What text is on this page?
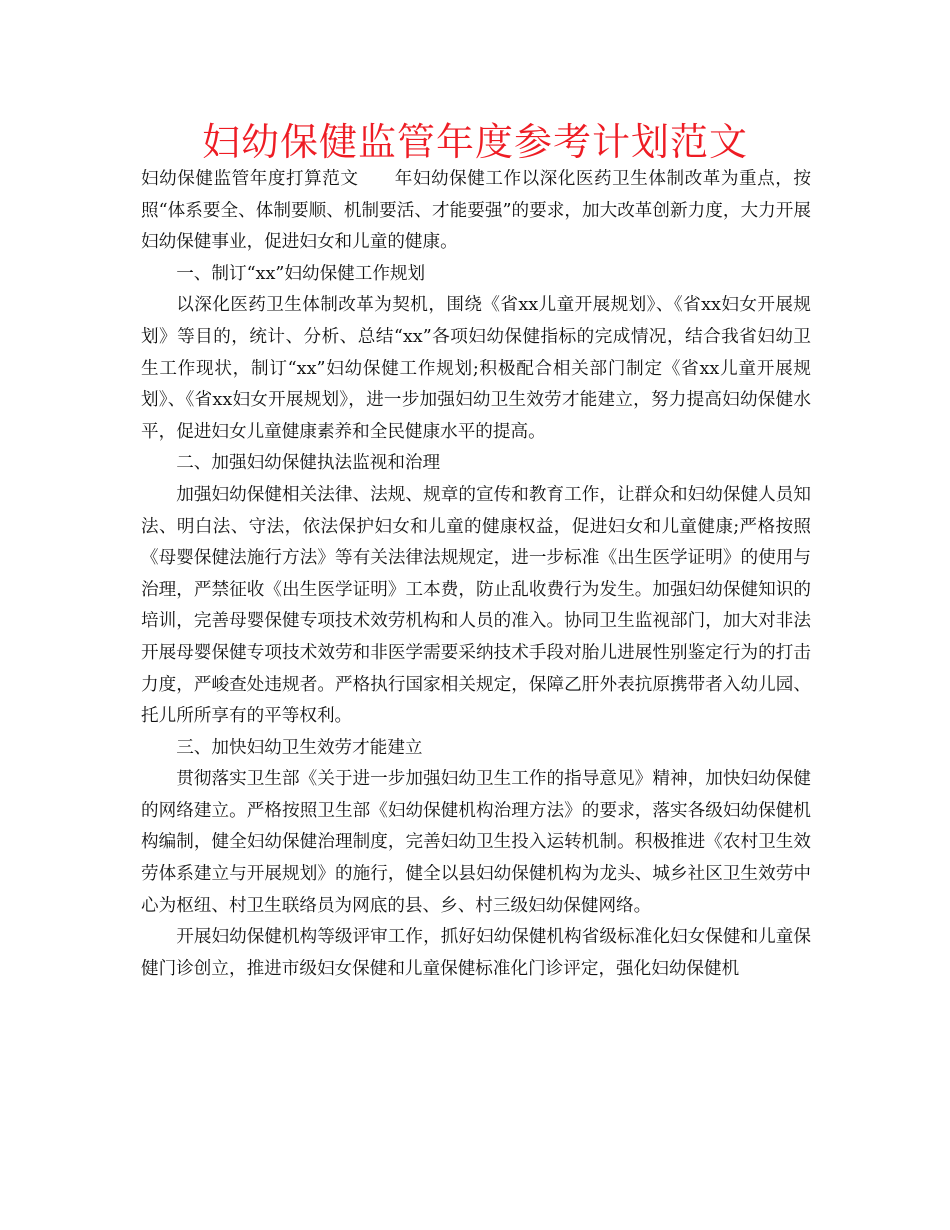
妇幼保健监管年度参考计划范文

妇幼保健监管年度打算范文　　年妇幼保健工作以深化医药卫生体制改革为重点，按照“体系要全、体制要顺、机制要活、才能要强”的要求，加大改革创新力度，大力开展妇幼保健事业，促进妇女和儿童的健康。

一、制订“xx”妇幼保健工作规划

以深化医药卫生体制改革为契机，围绕《省xx儿童开展规划》、《省xx妇女开展规划》等目的，统计、分析、总结“xx”各项妇幼保健指标的完成情况，结合我省妇幼卫生工作现状，制订“xx”妇幼保健工作规划;积极配合相关部门制定《省xx儿童开展规划》、《省xx妇女开展规划》，进一步加强妇幼卫生效劳才能建立，努力提高妇幼保健水平，促进妇女儿童健康素养和全民健康水平的提高。

二、加强妇幼保健执法监视和治理

加强妇幼保健相关法律、法规、规章的宣传和教育工作，让群众和妇幼保健人员知法、明白法、守法，依法保护妇女和儿童的健康权益，促进妇女和儿童健康;严格按照《母婴保健法施行方法》等有关法律法规规定，进一步标准《出生医学证明》的使用与治理，严禁征收《出生医学证明》工本费，防止乱收费行为发生。加强妇幼保健知识的培训，完善母婴保健专项技术效劳机构和人员的准入。协同卫生监视部门，加大对非法开展母婴保健专项技术效劳和非医学需要采纳技术手段对胎儿进展性别鉴定行为的打击力度，严峻查处违规者。严格执行国家相关规定，保障乙肝外表抗原携带者入幼儿园、托儿所所享有的平等权利。

三、加快妇幼卫生效劳才能建立

贯彻落实卫生部《关于进一步加强妇幼卫生工作的指导意见》精神，加快妇幼保健的网络建立。严格按照卫生部《妇幼保健机构治理方法》的要求，落实各级妇幼保健机构编制，健全妇幼保健治理制度，完善妇幼卫生投入运转机制。积极推进《农村卫生效劳体系建立与开展规划》的施行，健全以县妇幼保健机构为龙头、城乡社区卫生效劳中心为枢纽、村卫生联络员为网底的县、乡、村三级妇幼保健网络。

开展妇幼保健机构等级评审工作，抓好妇幼保健机构省级标准化妇女保健和儿童保健门诊创立，推进市级妇女保健和儿童保健标准化门诊评定，强化妇幼保健机
